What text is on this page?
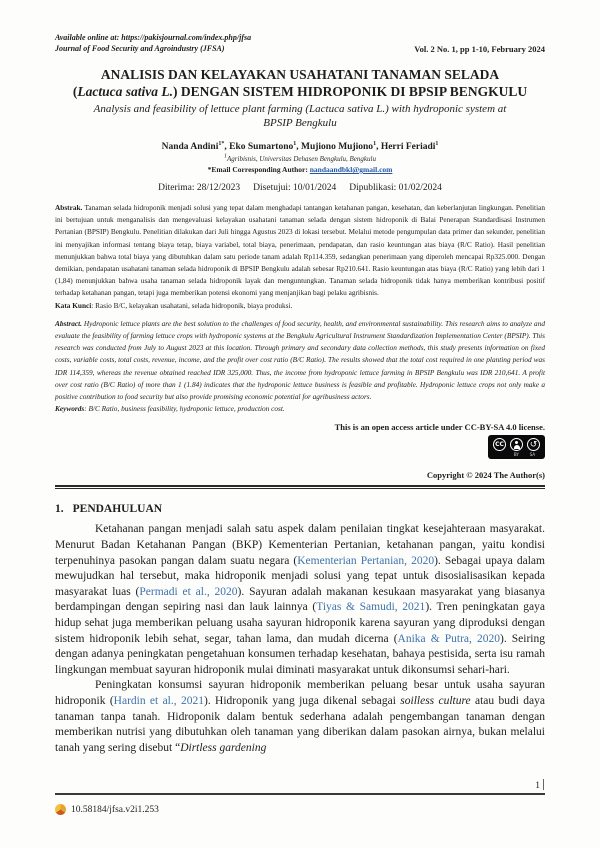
Available online at: https://pakisjournal.com/index.php/jfsa
Journal of Food Security and Agroindustry (JFSA)	Vol. 2 No. 1, pp 1-10, February 2024
ANALISIS DAN KELAYAKAN USAHATANI TANAMAN SELADA
(Lactuca sativa L.) DENGAN SISTEM HIDROPONIK DI BPSIP BENGKULU
Analysis and feasibility of lettuce plant farming (Lactuca sativa L.) with hydroponic system at BPSIP Bengkulu
Nanda Andini$^{1*}$, Eko Sumartono$^1$, Mujiono Mujiono$^1$, Herri Feriadi$^1$
$^1$Agribisnis, Universitas Dehasen Bengkulu, Bengkulu
*Email Corresponding Author: nandaandbkl@gmail.com
Diterima: 28/12/2023 Disetujui: 10/01/2024 Dipublikasi: 01/02/2024
Abstrak. Tanaman selada hidroponik menjadi solusi yang tepat dalam menghadapi tantangan ketahanan pangan, kesehatan, dan keberlanjutan lingkungan. Penelitian ini bertujuan untuk menganalisis dan mengevaluasi kelayakan usahatani tanaman selada dengan sistem hidroponik di Balai Penerapan Standardisasi Instrumen Pertanian (BPSIP) Bengkulu. Penelitian dilakukan dari Juli hingga Agustus 2023 di lokasi tersebut. Melalui metode pengumpulan data primer dan sekunder, penelitian ini menyajikan informasi tentang biaya tetap, biaya variabel, total biaya, penerimaan, pendapatan, dan rasio keuntungan atas biaya (R/C Ratio). Hasil penelitian menunjukkan bahwa total biaya yang dibutuhkan dalam satu periode tanam adalah Rp114.359, sedangkan penerimaan yang diperoleh mencapai Rp325.000. Dengan demikian, pendapatan usahatani tanaman selada hidroponik di BPSIP Bengkulu adalah sebesar Rp210.641. Rasio keuntungan atas biaya (R/C Ratio) yang lebih dari 1 (1,84) menunjukkan bahwa usaha tanaman selada hidroponik layak dan menguntungkan. Tanaman selada hidroponik tidak hanya memberikan kontribusi positif terhadap ketahanan pangan, tetapi juga memberikan potensi ekonomi yang menjanjikan bagi pelaku agribisnis.
Kata Kunci: Rasio B/C, kelayakan usahatani, selada hidroponik, biaya produksi.
Abstract. Hydroponic lettuce plants are the best solution to the challenges of food security, health, and environmental sustainability. This research aims to analyze and evaluate the feasibility of farming lettuce crops with hydroponic systems at the Bengkulu Agricultural Instrument Standardization Implementation Center (BPSIP). This research was conducted from July to August 2023 at this location. Through primary and secondary data collection methods, this study presents information on fixed costs, variable costs, total costs, revenue, income, and the profit over cost ratio (B/C Ratio). The results showed that the total cost required in one planting period was IDR 114,359, whereas the revenue obtained reached IDR 325,000. Thus, the income from hydroponic lettuce farming in BPSIP Bengkulu was IDR 210,641. A profit over cost ratio (B/C Ratio) of more than 1 (1.84) indicates that the hydroponic lettuce business is feasible and profitable. Hydroponic lettuce crops not only make a positive contribution to food security but also provide promising economic potential for agribusiness actors.
Keywords: B/C Ratio, business feasibility, hydroponic lettuce, production cost.
This is an open access article under CC-BY-SA 4.0 license.
CC	↺
BY	SA
Copyright © 2024 The Author(s)
1. PENDAHULUAN

Ketahanan pangan menjadi salah satu aspek dalam penilaian tingkat kesejahteraan masyarakat. Menurut Badan Ketahanan Pangan (BKP) Kementerian Pertanian, ketahanan pangan, yaitu kondisi terpenuhinya pasokan pangan dalam suatu negara (Kementerian Pertanian, 2020). Sebagai upaya dalam mewujudkan hal tersebut, maka hidroponik menjadi solusi yang tepat untuk disosialisasikan kepada masyarakat luas (Permadi et al., 2020). Sayuran adalah makanan kesukaan masyarakat yang biasanya berdampingan dengan sepiring nasi dan lauk lainnya (Tiyas & Samudi, 2021). Tren peningkatan gaya hidup sehat juga memberikan peluang usaha sayuran hidroponik karena sayuran yang diproduksi dengan sistem hidroponik lebih sehat, segar, tahan lama, dan mudah dicerna (Anika & Putra, 2020). Seiring dengan adanya peningkatan pengetahuan konsumen terhadap kesehatan, bahaya pestisida, serta isu ramah lingkungan membuat sayuran hidroponik mulai diminati masyarakat untuk dikonsumsi sehari-hari.

Peningkatan konsumsi sayuran hidroponik memberikan peluang besar untuk usaha sayuran hidroponik (Hardin et al., 2021). Hidroponik yang juga dikenal sebagai soilless culture atau budi daya tanaman tanpa tanah. Hidroponik dalam bentuk sederhana adalah pengembangan tanaman dengan memberikan nutrisi yang dibutuhkan oleh tanaman yang diberikan dalam pasokan airnya, bukan melalui tanah yang sering disebut “Dirtless gardening

1
10.58184/jfsa.v2i1.253
